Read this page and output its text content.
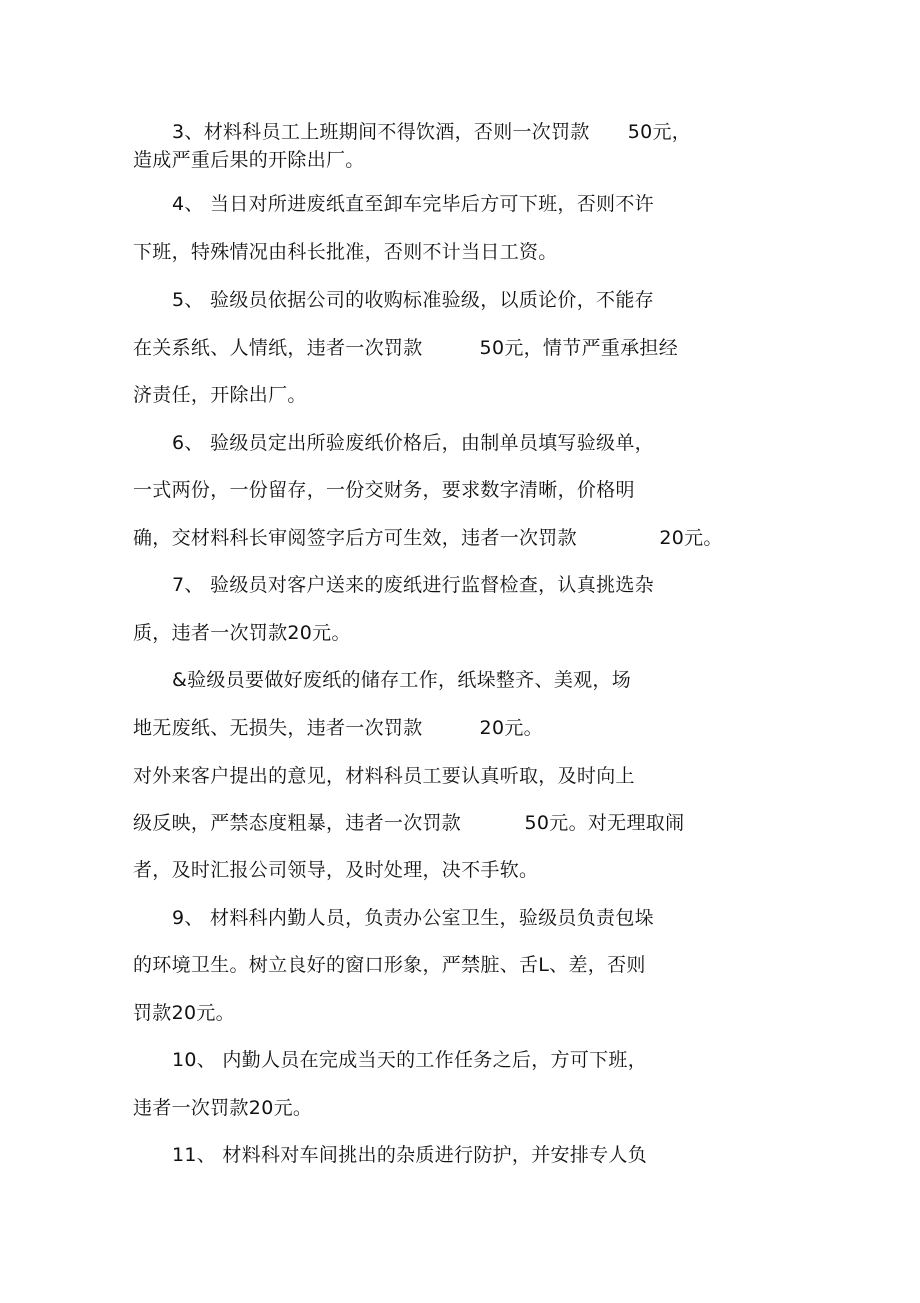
3、材料科员工上班期间不得饮酒，否则一次罚款      50元，
造成严重后果的开除出厂。
4、 当日对所进废纸直至卸车完毕后方可下班，否则不许
下班，特殊情况由科长批准，否则不计当日工资。
5、 验级员依据公司的收购标准验级，以质论价，不能存
在关系纸、人情纸，违者一次罚款         50元，情节严重承担经
济责任，开除出厂。
6、 验级员定出所验废纸价格后，由制单员填写验级单，
一式两份，一份留存，一份交财务，要求数字清晰，价格明
确，交材料科长审阅签字后方可生效，违者一次罚款             20元。
7、 验级员对客户送来的废纸进行监督检查，认真挑选杂
质，违者一次罚款20元。
&验级员要做好废纸的储存工作，纸垛整齐、美观，场
地无废纸、无损失，违者一次罚款         20元。
对外来客户提出的意见，材料科员工要认真听取，及时向上
级反映，严禁态度粗暴，违者一次罚款          50元。对无理取闹
者，及时汇报公司领导，及时处理，决不手软。
9、 材料科内勤人员，负责办公室卫生，验级员负责包垛
的环境卫生。树立良好的窗口形象，严禁脏、舌L、差，否则
罚款20元。
10、 内勤人员在完成当天的工作任务之后，方可下班，
违者一次罚款20元。
11、 材料科对车间挑出的杂质进行防护，并安排专人负
